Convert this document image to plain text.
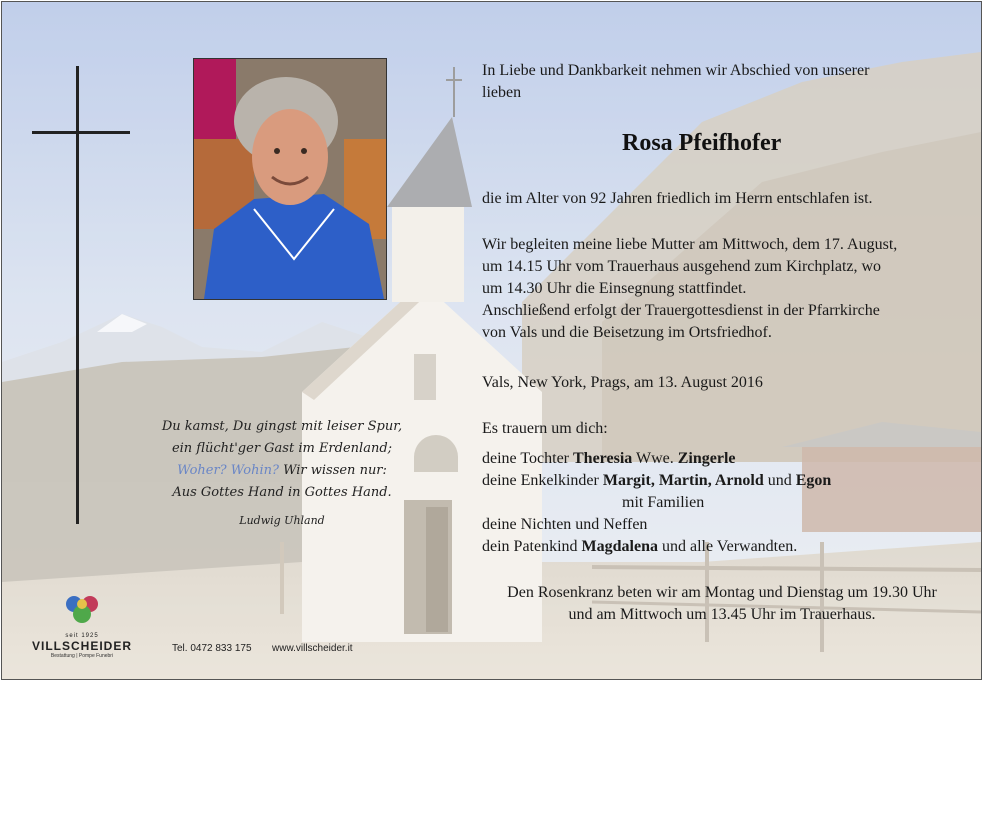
In Liebe und Dankbarkeit nehmen wir Abschied von unserer
lieben
Rosa Pfeifhofer
die im Alter von 92 Jahren friedlich im Herrn entschlafen ist.
Wir begleiten meine liebe Mutter am Mittwoch, dem 17. August,
um 14.15 Uhr vom Trauerhaus ausgehend zum Kirchplatz, wo
um 14.30 Uhr die Einsegnung stattfindet.
Anschließend erfolgt der Trauergottesdienst in der Pfarrkirche
von Vals und die Beisetzung im Ortsfriedhof.
Vals, New York, Prags, am 13. August 2016
Es trauern um dich:
deine Tochter Theresia Wwe. Zingerle
deine Enkelkinder Margit, Martin, Arnold und Egon
mit Familien
deine Nichten und Neffen
dein Patenkind Magdalena und alle Verwandten.
Den Rosenkranz beten wir am Montag und Dienstag um 19.30 Uhr
und am Mittwoch um 13.45 Uhr im Trauerhaus.
Du kamst, Du gingst mit leiser Spur,
ein flücht'ger Gast im Erdenland;
Woher? Wohin? Wir wissen nur:
Aus Gottes Hand in Gottes Hand.
Ludwig Uhland
seit 1925
VILLSCHEIDER
Bestattung | Pompe Funebri
Tel. 0472 833 175 www.villscheider.it
